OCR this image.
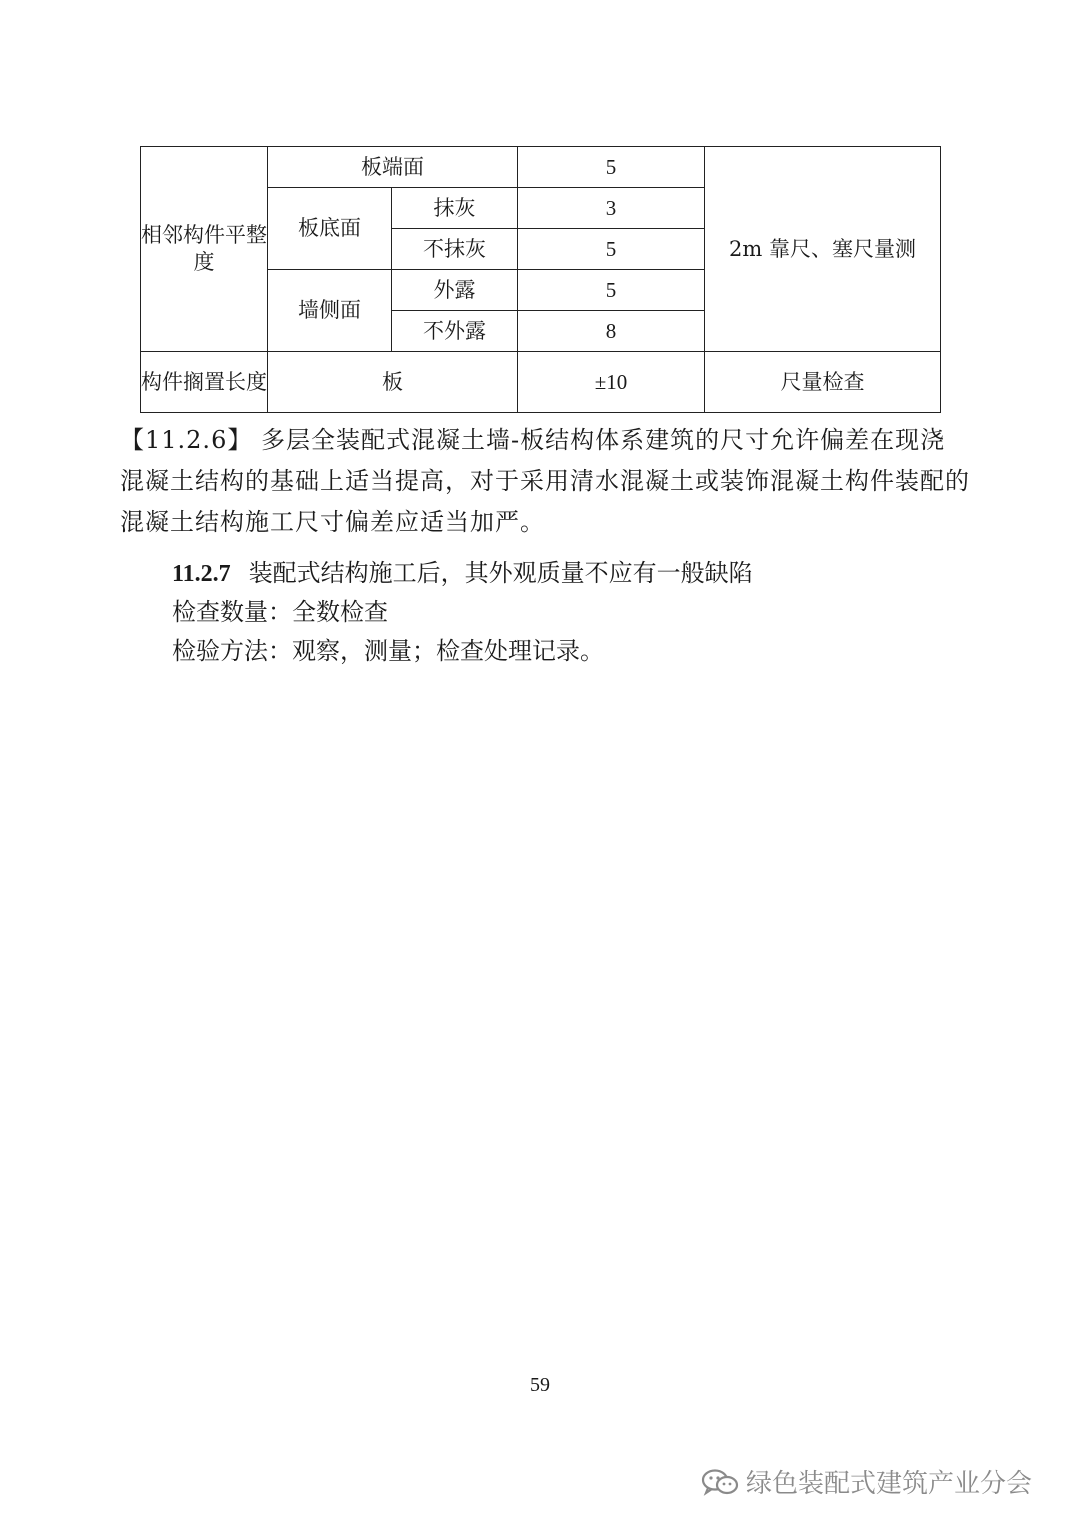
相邻构件平整度	板端面		5	2m 靠尺、塞尺量测
	板底面	抹灰	3	
		不抹灰	5	
	墙侧面	外露	5	
		不外露	8	
构件搁置长度	板		±10	尺量检查

【11.2.6】 多层全装配式混凝土墙-板结构体系建筑的尺寸允许偏差在现浇混凝土结构的基础上适当提高，对于采用清水混凝土或装饰混凝土构件装配的混凝土结构施工尺寸偏差应适当加严。

11.2.7 装配式结构施工后，其外观质量不应有一般缺陷

检查数量：全数检查

检验方法：观察，测量；检查处理记录。

59
绿色装配式建筑产业分会
